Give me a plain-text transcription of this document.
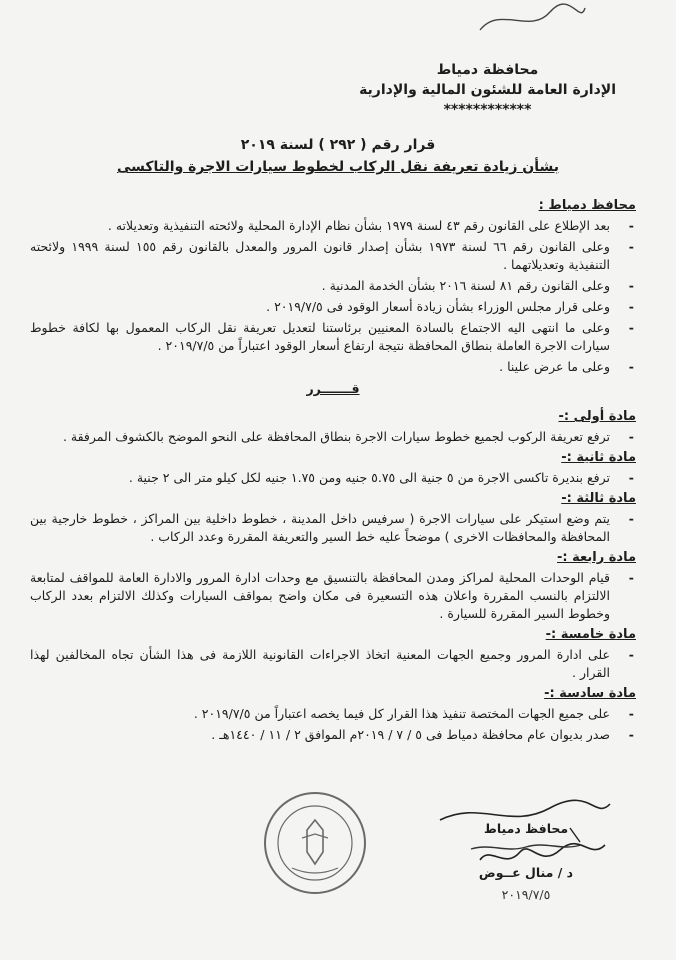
محافظة دمياط
الإدارة العامة للشئون المالية والإدارية
************
قرار رقم ( ٢٩٢ ) لسنة ٢٠١٩
بشأن زيادة تعريفة نقل الركاب لخطوط سيارات الاجرة والتاكسى
محافظ دمياط :
-
بعد الإطلاع على القانون رقم ٤٣ لسنة ١٩٧٩ بشأن نظام الإدارة المحلية ولائحته التنفيذية وتعديلاته .
-
وعلى القانون رقم ٦٦ لسنة ١٩٧٣ بشأن إصدار قانون المرور والمعدل بالقانون رقم ١٥٥ لسنة ١٩٩٩ ولائحته التنفيذية وتعديلاتهما .
-
وعلى القانون رقم ٨١ لسنة ٢٠١٦ بشأن الخدمة المدنية .
-
وعلى قرار مجلس الوزراء بشأن زيادة أسعار الوقود فى ٢٠١٩/٧/٥ .
-
وعلى ما انتهى اليه الاجتماع بالسادة المعنيين برئاستنا لتعديل تعريفة نقل الركاب المعمول بها لكافة خطوط سيارات الاجرة العاملة بنطاق المحافظة نتيجة ارتفاع أسعار الوقود اعتباراً من ٢٠١٩/٧/٥ .
-
وعلى ما عرض علينا .
قـــــــرر
مادة أولى :-
-
ترفع تعريفة الركوب لجميع خطوط سيارات الاجرة بنطاق المحافظة على النحو الموضح بالكشوف المرفقة .
مادة ثانية :-
-
ترفع بنديرة تاكسى الاجرة من ٥ جنية الى ٥.٧٥ جنيه ومن ١.٧٥ جنيه لكل كيلو متر الى ٢ جنية .
مادة ثالثة :-
-
يتم وضع استيكر على سيارات الاجرة ( سرفيس داخل المدينة ، خطوط داخلية بين المراكز ، خطوط خارجية بين المحافظة والمحافظات الاخرى ) موضحاً عليه خط السير والتعريفة المقررة وعدد الركاب .
مادة رابعة :-
-
قيام الوحدات المحلية لمراكز ومدن المحافظة بالتنسيق مع وحدات ادارة المرور والادارة العامة للمواقف لمتابعة الالتزام بالنسب المقررة واعلان هذه التسعيرة فى مكان واضح بمواقف السيارات وكذلك الالتزام بعدد الركاب وخطوط السير المقررة للسيارة .
مادة خامسة :-
-
على ادارة المرور وجميع الجهات المعنية اتخاذ الاجراءات القانونية اللازمة فى هذا الشأن تجاه المخالفين لهذا القرار .
مادة سادسة :-
-
على جميع الجهات المختصة تنفيذ هذا القرار كل فيما يخصه اعتباراً من ٢٠١٩/٧/٥ .
-
صدر بديوان عام محافظة دمياط فى ٥ / ٧ / ٢٠١٩م الموافق ٢ / ١١ / ١٤٤٠هـ .
محافظ دمياط
د / منال عــوض
٢٠١٩/٧/٥
